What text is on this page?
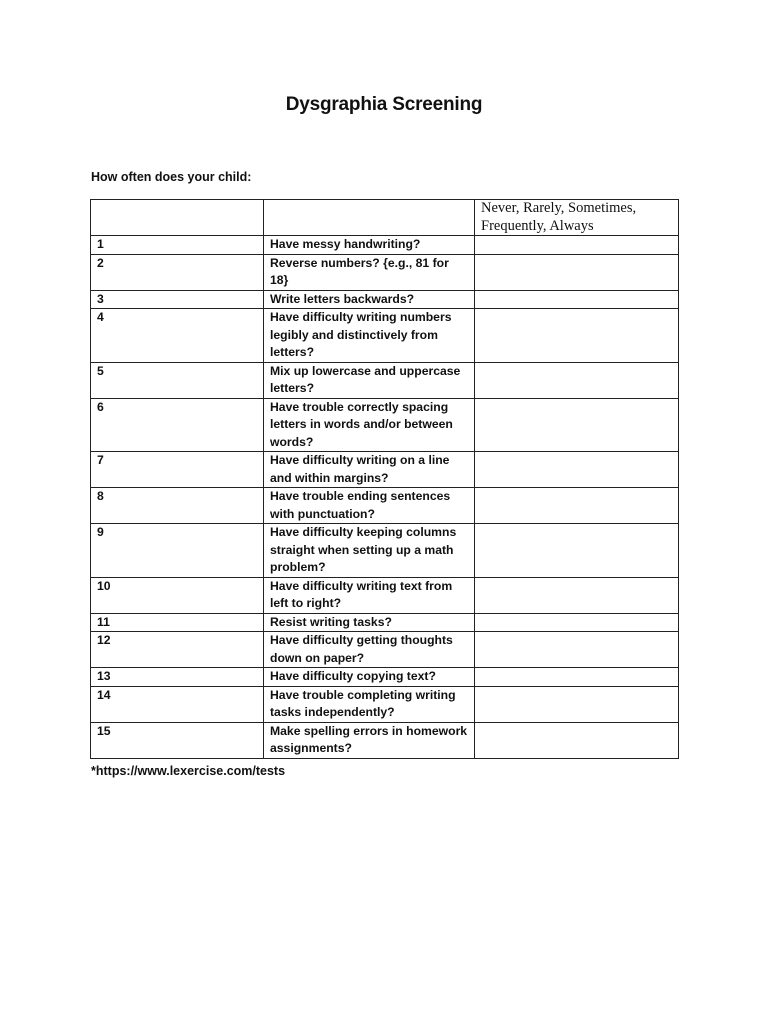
Dysgraphia Screening
How often does your child:
		Never, Rarely, Sometimes, Frequently, Always
1	Have messy handwriting?	
2	Reverse numbers? {e.g., 81 for 18}	
3	Write letters backwards?	
4	Have difficulty writing numbers legibly and distinctively from letters?	
5	Mix up lowercase and uppercase letters?	
6	Have trouble correctly spacing letters in words and/or between words?	
7	Have difficulty writing on a line and within margins?	
8	Have trouble ending sentences with punctuation?	
9	Have difficulty keeping columns straight when setting up a math problem?	
10	Have difficulty writing text from left to right?	
11	Resist writing tasks?	
12	Have difficulty getting thoughts down on paper?	
13	Have difficulty copying text?	
14	Have trouble completing writing tasks independently?	
15	Make spelling errors in homework assignments?	
*https://www.lexercise.com/tests
